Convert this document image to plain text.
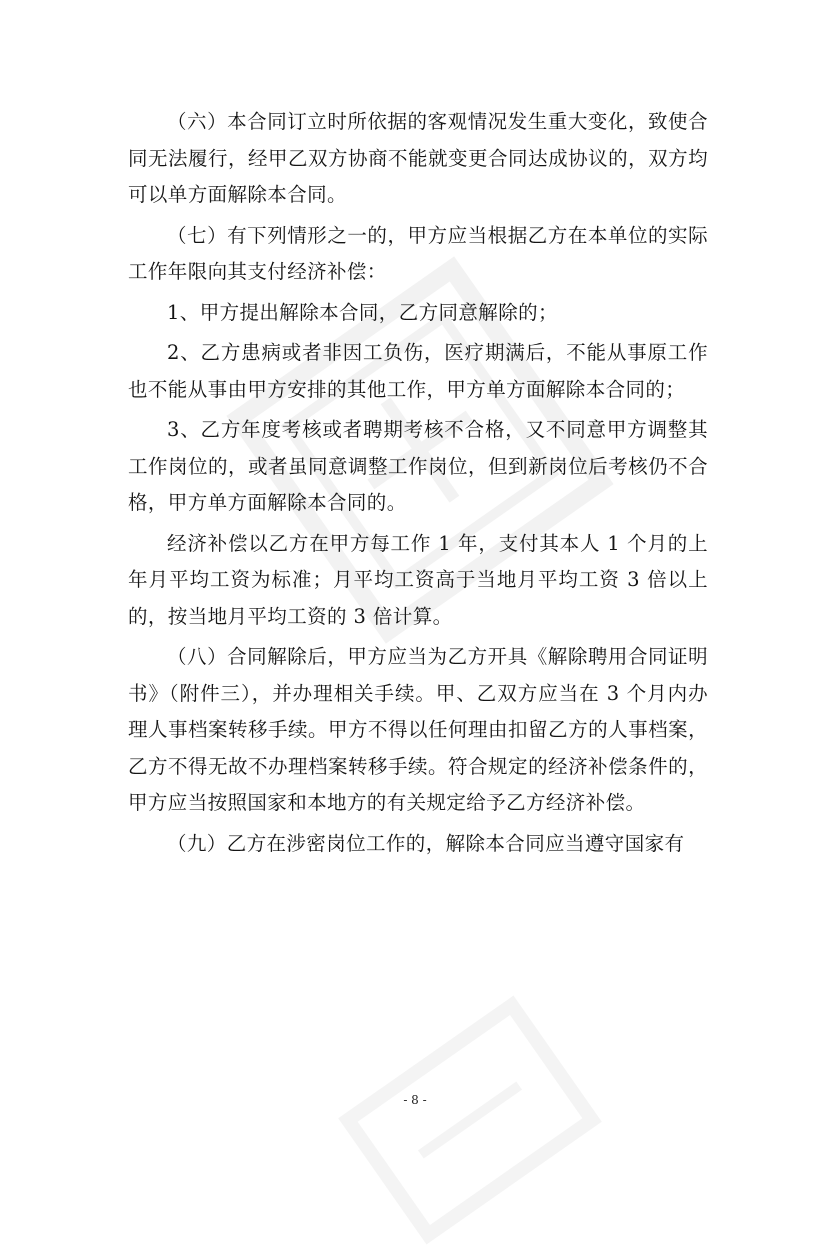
（六）本合同订立时所依据的客观情况发生重大变化，致使合同无法履行，经甲乙双方协商不能就变更合同达成协议的，双方均可以单方面解除本合同。

（七）有下列情形之一的，甲方应当根据乙方在本单位的实际工作年限向其支付经济补偿：

1、甲方提出解除本合同，乙方同意解除的；

2、乙方患病或者非因工负伤，医疗期满后，不能从事原工作也不能从事由甲方安排的其他工作，甲方单方面解除本合同的；

3、乙方年度考核或者聘期考核不合格，又不同意甲方调整其工作岗位的，或者虽同意调整工作岗位，但到新岗位后考核仍不合格，甲方单方面解除本合同的。

经济补偿以乙方在甲方每工作 1 年，支付其本人 1 个月的上年月平均工资为标准；月平均工资高于当地月平均工资 3 倍以上的，按当地月平均工资的 3 倍计算。

（八）合同解除后，甲方应当为乙方开具《解除聘用合同证明书》（附件三），并办理相关手续。甲、乙双方应当在 3 个月内办理人事档案转移手续。甲方不得以任何理由扣留乙方的人事档案，乙方不得无故不办理档案转移手续。符合规定的经济补偿条件的，甲方应当按照国家和本地方的有关规定给予乙方经济补偿。

（九）乙方在涉密岗位工作的，解除本合同应当遵守国家有

- 8 -
